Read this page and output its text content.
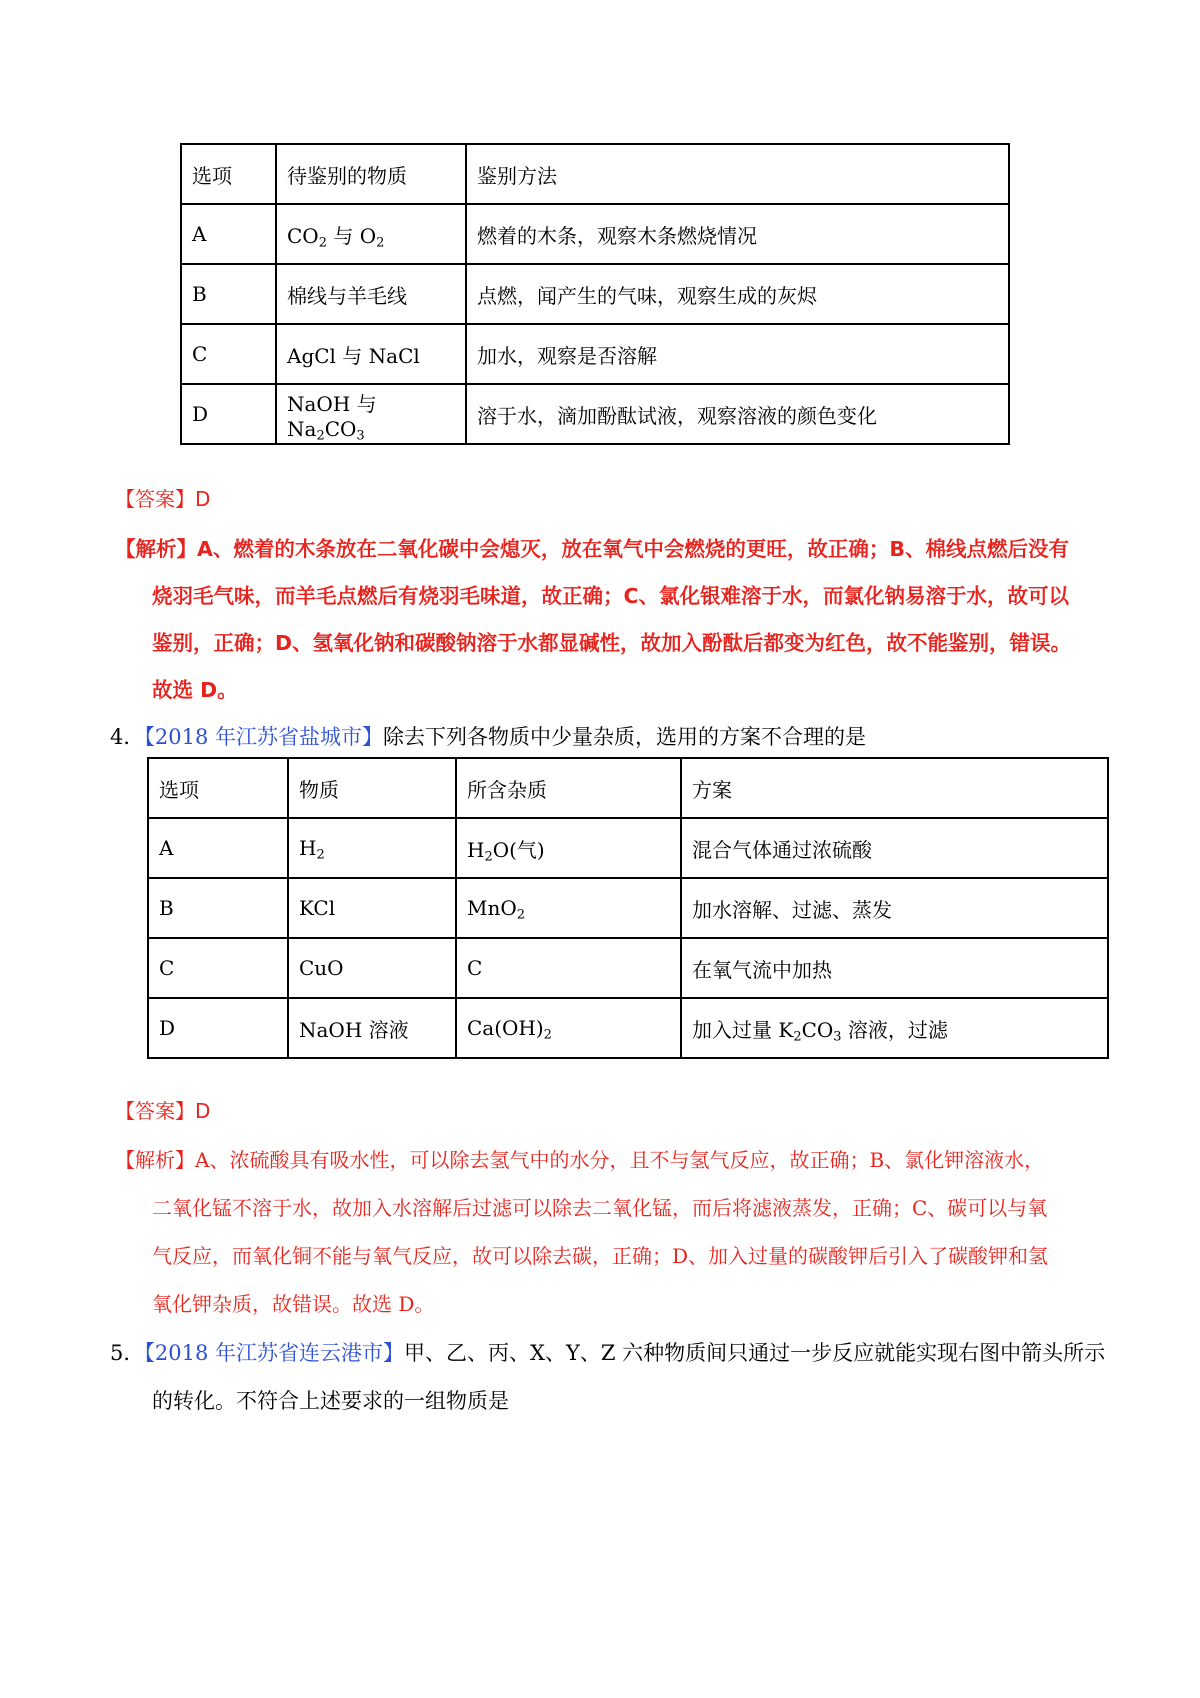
选项	待鉴别的物质	鉴别方法
A	$CO_2$ 与 $O_2$	燃着的木条，观察木条燃烧情况
B	棉线与羊毛线	点燃，闻产生的气味，观察生成的灰烬
C	AgCl 与 NaCl	加水，观察是否溶解
D	NaOH 与 $Na_2CO_3$	溶于水，滴加酚酞试液，观察溶液的颜色变化
【答案】D
【解析】A、燃着的木条放在二氧化碳中会熄灭，放在氧气中会燃烧的更旺，故正确；B、棉线点燃后没有
烧羽毛气味，而羊毛点燃后有烧羽毛味道，故正确；C、氯化银难溶于水，而氯化钠易溶于水，故可以
鉴别，正确；D、氢氧化钠和碳酸钠溶于水都显碱性，故加入酚酞后都变为红色，故不能鉴别，错误。
故选 D。
4．【2018 年江苏省盐城市】除去下列各物质中少量杂质，选用的方案不合理的是
选项	物质	所含杂质	方案
A	$H_2$	$H_2O$(气)	混合气体通过浓硫酸
B	KCl	MnO$_2$	加水溶解、过滤、蒸发
C	CuO	C	在氧气流中加热
D	NaOH 溶液	$Ca(OH)_2$	加入过量 $K_2CO_3$ 溶液，过滤
【答案】D
【解析】A、浓硫酸具有吸水性，可以除去氢气中的水分，且不与氢气反应，故正确；B、氯化钾溶液水，
二氧化锰不溶于水，故加入水溶解后过滤可以除去二氧化锰，而后将滤液蒸发，正确；C、碳可以与氧
气反应，而氧化铜不能与氧气反应，故可以除去碳，正确；D、加入过量的碳酸钾后引入了碳酸钾和氢
氧化钾杂质，故错误。故选 D。
5．【2018 年江苏省连云港市】甲、乙、丙、X、Y、Z 六种物质间只通过一步反应就能实现右图中箭头所示
的转化。不符合上述要求的一组物质是
